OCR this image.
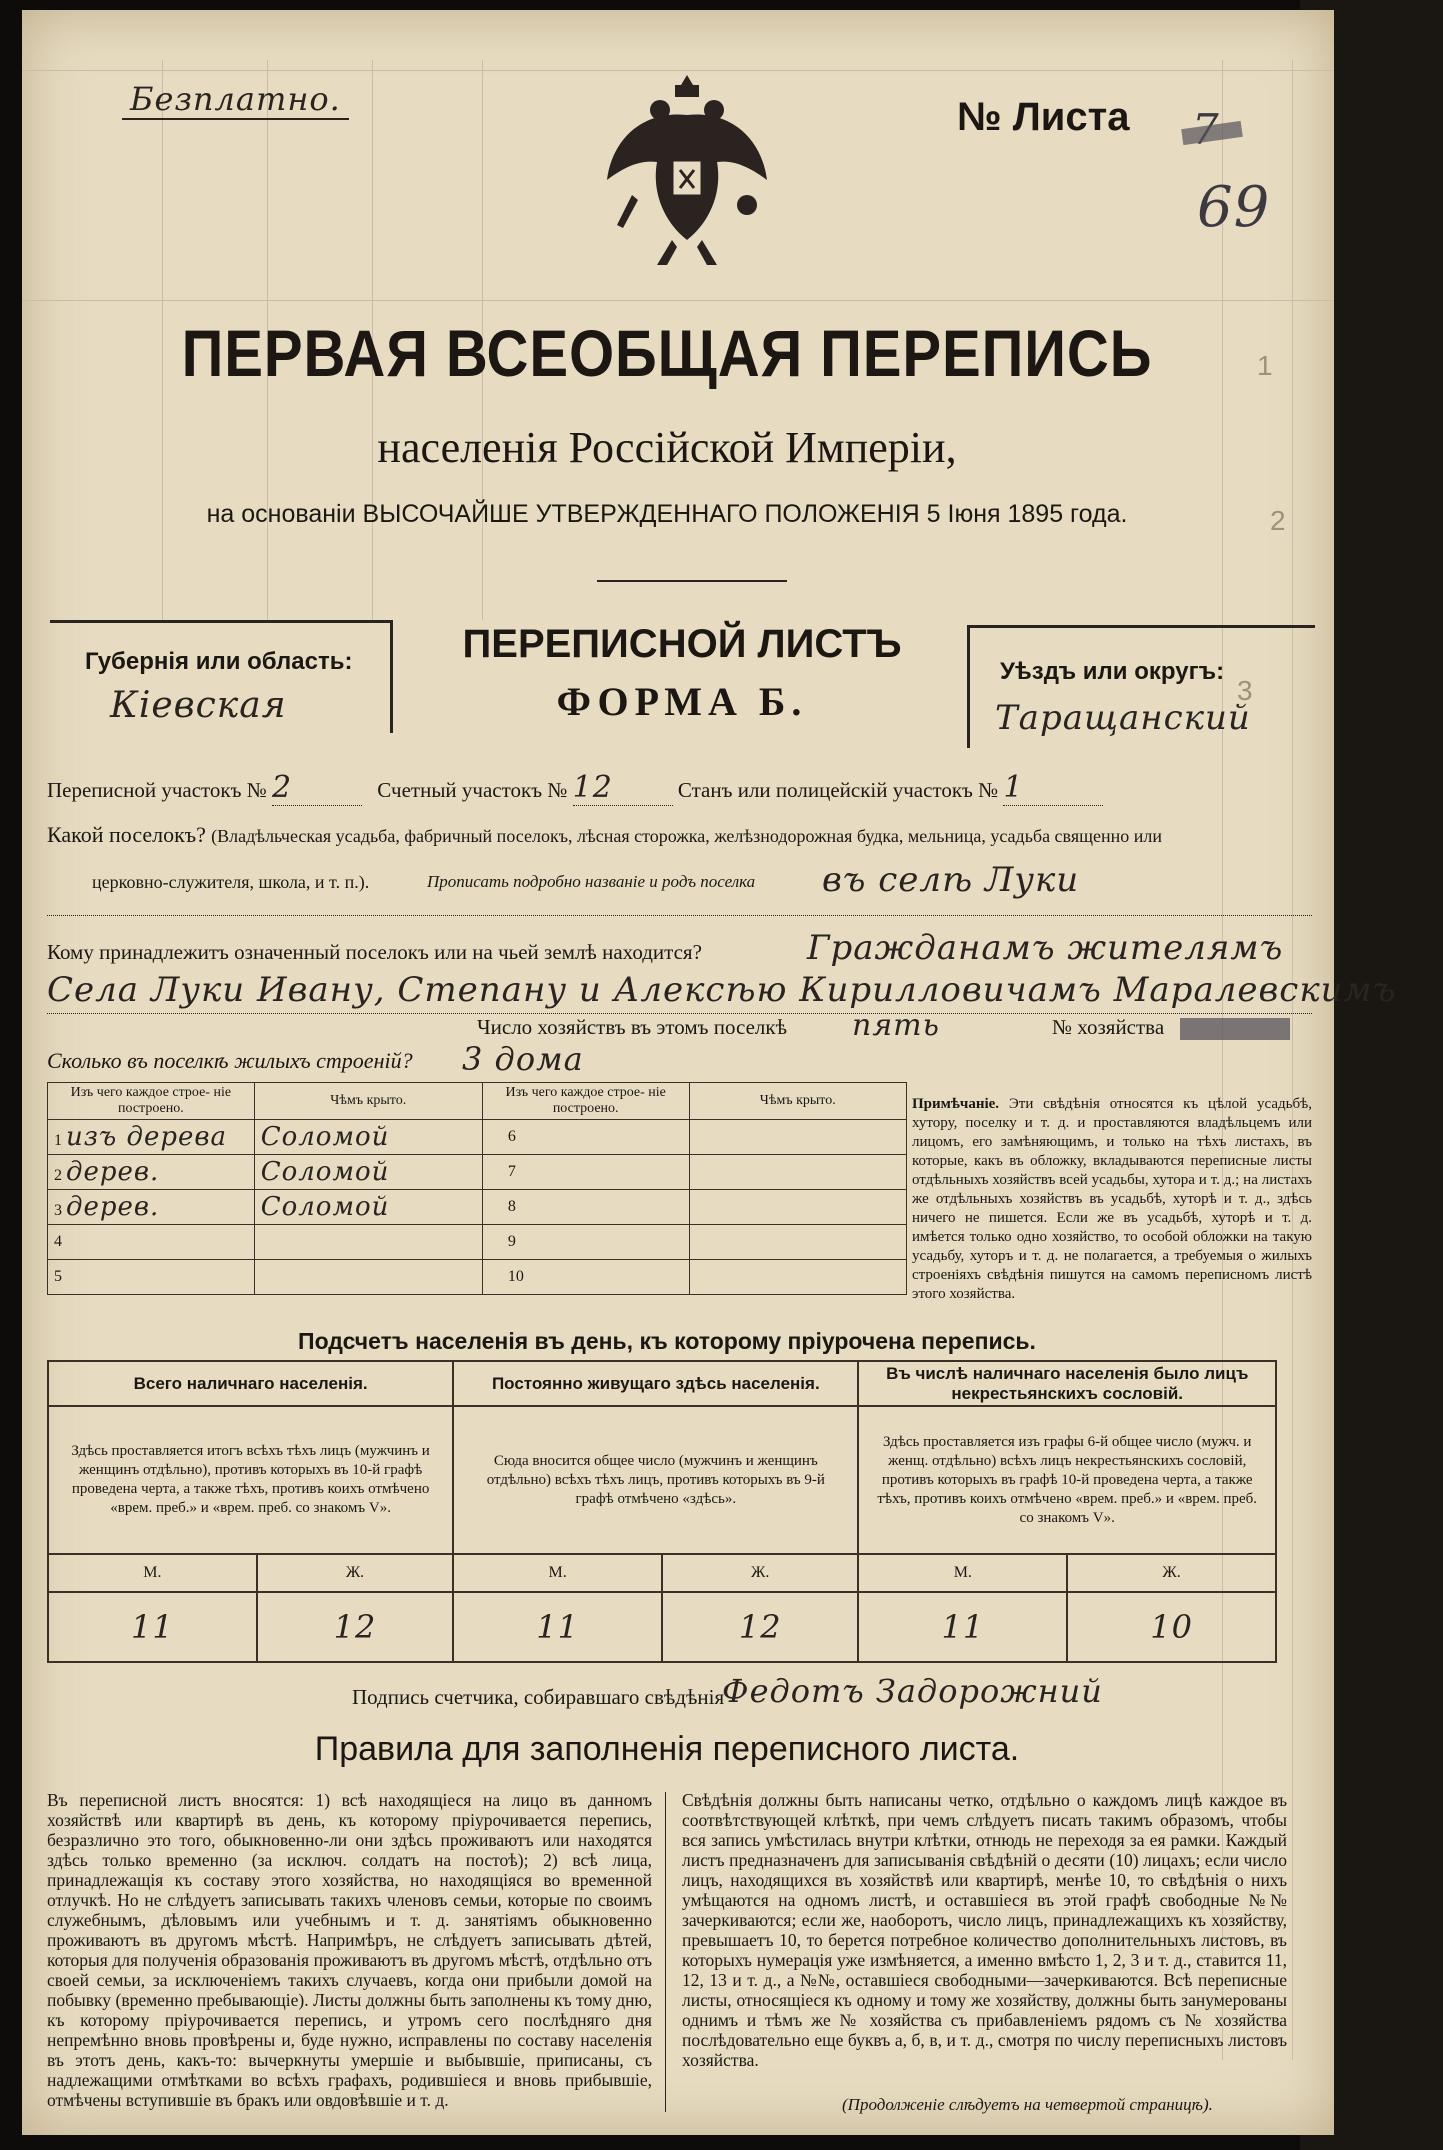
Безплатно.	№ Листа
69
ПЕРВАЯ ВСЕОБЩАЯ ПЕРЕПИСЬ
населенія Россійской Имперіи,
на основаніи ВЫСОЧАЙШЕ УТВЕРЖДЕННАГО ПОЛОЖЕНІЯ 5 Іюня 1895 года.
Губернія или область:
Кіевская
ПЕРЕПИСНОЙ ЛИСТЪ
ФОРМА Б.
Уѣздъ или округъ:
Таращанский
Переписной участокъ № 2	Счетный участокъ № 12	Станъ или полицейскій участокъ № 1
Какой поселокъ? (Владѣльческая усадьба, фабричный поселокъ, лѣсная сторожка, желѣзнодорожная будка, мельница, усадьба священно или
церковно-служителя, школа, и т. п.).	Прописать подробно названіе и родъ поселка въ селѣ Луки
Кому принадлежитъ означенный поселокъ или на чьей землѣ находится?	Гражданамъ жителямъ
Села Луки Ивану, Степану и Алексѣю Кирилловичамъ Маралевскимъ
Число хозяйствъ въ этомъ поселкѣ пять	№ хозяйства
Сколько въ поселкѣ жилыхъ строеній? 3 дома
Изъ чего каждое строе- ніе построено.	Чѣмъ крыто.	Изъ чего каждое строе- ніе построено.	Чѣмъ крыто.
1 изъ дерева	Соломой	6	
2 дерев.	Соломой	7	
3 дерев.	Соломой	8	
4		9	
5		10	
Примѣчаніе. Эти свѣдѣнія относятся къ цѣлой усадьбѣ, хутору, поселку и т. д. и проставляются владѣльцемъ или лицомъ, его замѣняющимъ, и только на тѣхъ листахъ, въ которые, какъ въ обложку, вкладываются переписные листы отдѣльныхъ хозяйствъ всей усадьбы, хутора и т. д.; на листахъ же отдѣльныхъ хозяйствъ въ усадьбѣ, хуторѣ и т. д., здѣсь ничего не пишется. Если же въ усадьбѣ, хуторѣ и т. д. имѣется только одно хозяйство, то особой обложки на такую усадьбу, хуторъ и т. д. не полагается, а требуемыя о жилыхъ строеніяхъ свѣдѣнія пишутся на самомъ переписномъ листѣ этого хозяйства.
Подсчетъ населенія въ день, къ которому пріурочена перепись.
Всего наличнаго населенія.		Постоянно живущаго здѣсь населенія.		Въ числѣ наличнаго населенія было лицъ некрестьянскихъ сословій.	
Здѣсь проставляется итогъ всѣхъ тѣхъ лицъ (мужчинъ и женщинъ отдѣльно), противъ которыхъ въ 10-й графѣ проведена черта, а также тѣхъ, противъ коихъ отмѣчено «врем. преб.» и «врем. преб. со знакомъ V».		Сюда вносится общее число (мужчинъ и женщинъ отдѣльно) всѣхъ тѣхъ лицъ, противъ которыхъ въ 9-й графѣ отмѣчено «здѣсь».		Здѣсь проставляется изъ графы 6-й общее число (мужч. и женщ. отдѣльно) всѣхъ лицъ некрестьянскихъ сословій, противъ которыхъ въ графѣ 10-й проведена черта, а также тѣхъ, противъ коихъ отмѣчено «врем. преб.» и «врем. преб. со знакомъ V».	
М.	Ж.	М.	Ж.	М.	Ж.
11	12	11	12	11	10
Подпись счетчика, собиравшаго свѣдѣнія
Федотъ Задорожний
Правила для заполненія переписного листа.
Въ переписной листъ вносятся: 1) всѣ находящіеся на лицо въ данномъ хозяйствѣ или квартирѣ въ день, къ которому пріурочивается перепись, безразлично это того, обыкновенно-ли они здѣсь проживаютъ или находятся здѣсь только временно (за исключ. солдатъ на постоѣ); 2) всѣ лица, принадлежащія къ составу этого хозяйства, но находящіяся во временной отлучкѣ. Но не слѣдуетъ записывать такихъ членовъ семьи, которые по своимъ служебнымъ, дѣловымъ или учебнымъ и т. д. занятіямъ обыкновенно проживаютъ въ другомъ мѣстѣ. Напримѣръ, не слѣдуетъ записывать дѣтей, которыя для полученія образованія проживаютъ въ другомъ мѣстѣ, отдѣльно отъ своей семьи, за исключеніемъ такихъ случаевъ, когда они прибыли домой на побывку (временно пребывающіе). Листы должны быть заполнены къ тому дню, къ которому пріурочивается перепись, и утромъ сего послѣдняго дня непремѣнно вновь провѣрены и, буде нужно, исправлены по составу населенія въ этотъ день, какъ-то: вычеркнуты умершіе и выбывшіе, приписаны, съ надлежащими отмѣтками во всѣхъ графахъ, родившіеся и вновь прибывшіе, отмѣчены вступившіе въ бракъ или овдовѣвшіе и т. д.
Свѣдѣнія должны быть написаны четко, отдѣльно о каждомъ лицѣ каждое въ соотвѣтствующей клѣткѣ, при чемъ слѣдуетъ писать такимъ образомъ, чтобы вся запись умѣстилась внутри клѣтки, отнюдь не переходя за ея рамки. Каждый листъ предназначенъ для записыванія свѣдѣній о десяти (10) лицахъ; если число лицъ, находящихся въ хозяйствѣ или квартирѣ, менѣе 10, то свѣдѣнія о нихъ умѣщаются на одномъ листѣ, и оставшіеся въ этой графѣ свободные №№ зачеркиваются; если же, наоборотъ, число лицъ, принадлежащихъ къ хозяйству, превышаетъ 10, то берется потребное количество дополнительныхъ листовъ, въ которыхъ нумерація уже измѣняется, а именно вмѣсто 1, 2, 3 и т. д., ставится 11, 12, 13 и т. д., а №№, оставшіеся свободными—зачеркиваются. Всѣ переписные листы, относящіеся къ одному и тому же хозяйству, должны быть занумерованы однимъ и тѣмъ же № хозяйства съ прибавленіемъ рядомъ съ № хозяйства послѣдовательно еще буквъ а, б, в, и т. д., смотря по числу переписныхъ листовъ хозяйства.
(Продолженіе слѣдуетъ на четвертой страницѣ).
1
2
3
